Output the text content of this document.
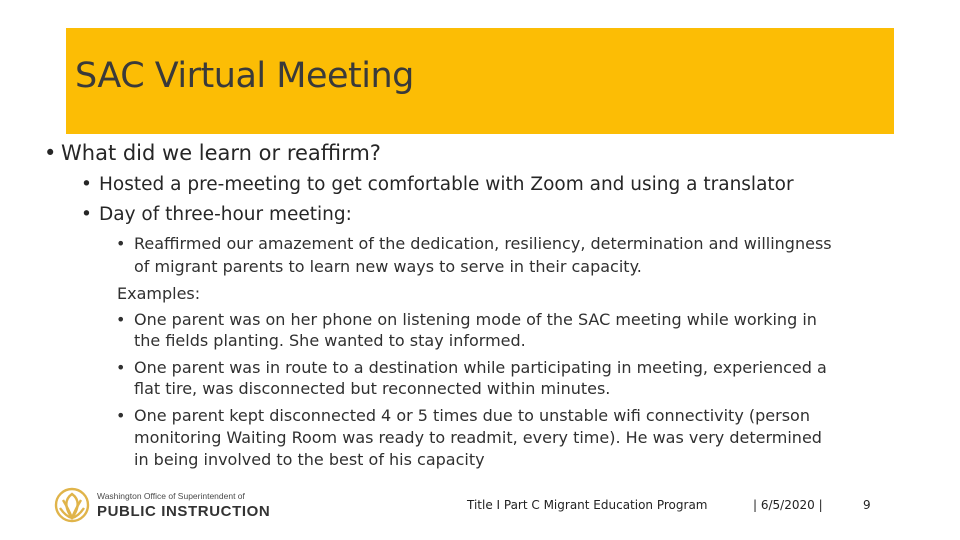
SAC Virtual Meeting
• What did we learn or reaffirm?
• Hosted a pre-meeting to get comfortable with Zoom and using a translator
• Day of three-hour meeting:
• Reaffirmed our amazement of the dedication, resiliency, determination and willingness
of migrant parents to learn new ways to serve in their capacity.
Examples:
• One parent was on her phone on listening mode of the SAC meeting while working in
the fields planting. She wanted to stay informed.
• One parent was in route to a destination while participating in meeting, experienced a
flat tire, was disconnected but reconnected within minutes.
• One parent kept disconnected 4 or 5 times due to unstable wifi connectivity (person
monitoring Waiting Room was ready to readmit, every time). He was very determined
in being involved to the best of his capacity
Washington Office of Superintendent of
PUBLIC INSTRUCTION	Title I Part C Migrant Education Program	| 6/5/2020 |	9
